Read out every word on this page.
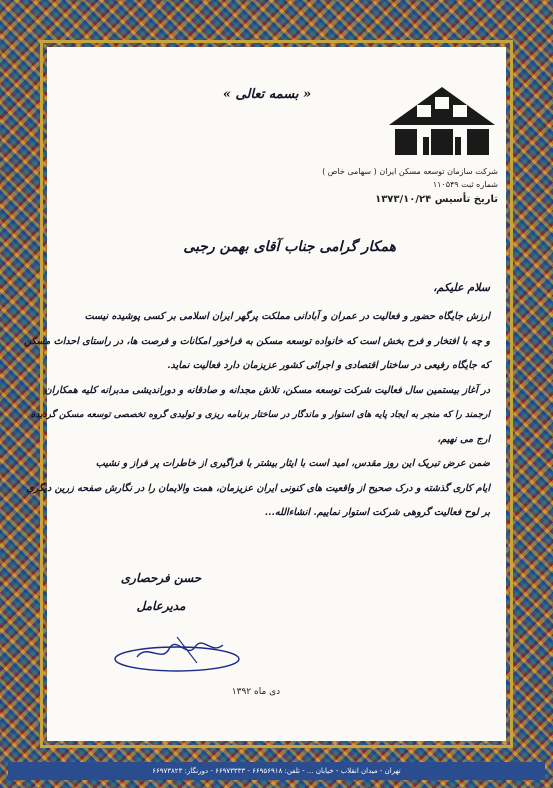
« بسمه تعالی »
شرکت سازمان توسعه مسکن ایران ( سهامی خاص )
شماره ثبت ۱۱۰۵۴۹
تاریخ تأسیس ۱۳۷۳/۱۰/۲۴
همکار گرامی جناب آقای بهمن رجبی
سلام علیکم،
ارزش جایگاه حضور و فعالیت در عمران و آبادانی مملکت پرگهر ایران اسلامی بر کسی پوشیده نیست
و چه با افتخار و فرح بخش است که خانواده توسعه مسکن به فراخور امکانات و فرصت ها، در راستای احداث مسکن
که جایگاه رفیعی در ساختار اقتصادی و اجرائی کشور عزیزمان دارد فعالیت نماید.
در آغاز بیستمین سال فعالیت شرکت توسعه مسکن، تلاش مجدانه و صادقانه و دوراندیشی مدبرانه کلیه همکاران
ارجمند را که منجر به ایجاد پایه های استوار و ماندگار در ساختار برنامه ریزی و تولیدی گروه تخصصی توسعه مسکن گردیده
ارج می نهیم،
ضمن عرض تبریک این روز مقدس، امید است با ایثار بیشتر با فراگیری از خاطرات پر فراز و نشیب
ایام کاری گذشته و درک صحیح از واقعیت های کنونی ایران عزیزمان، همت والایمان را در نگارش صفحه زرین دیگری
بر لوح فعالیت گروهی شرکت استوار نماییم. انشاءالله...
حسن فرحصاری
مدیرعامل
دی ماه ۱۳۹۲
تهران - میدان انقلاب - خیابان ... - تلفن: ۶۶۹۵۶۹۱۸ - ۶۶۹۷۳۳۳۳ - دورنگار: ۶۶۹۷۳۸۲۳
